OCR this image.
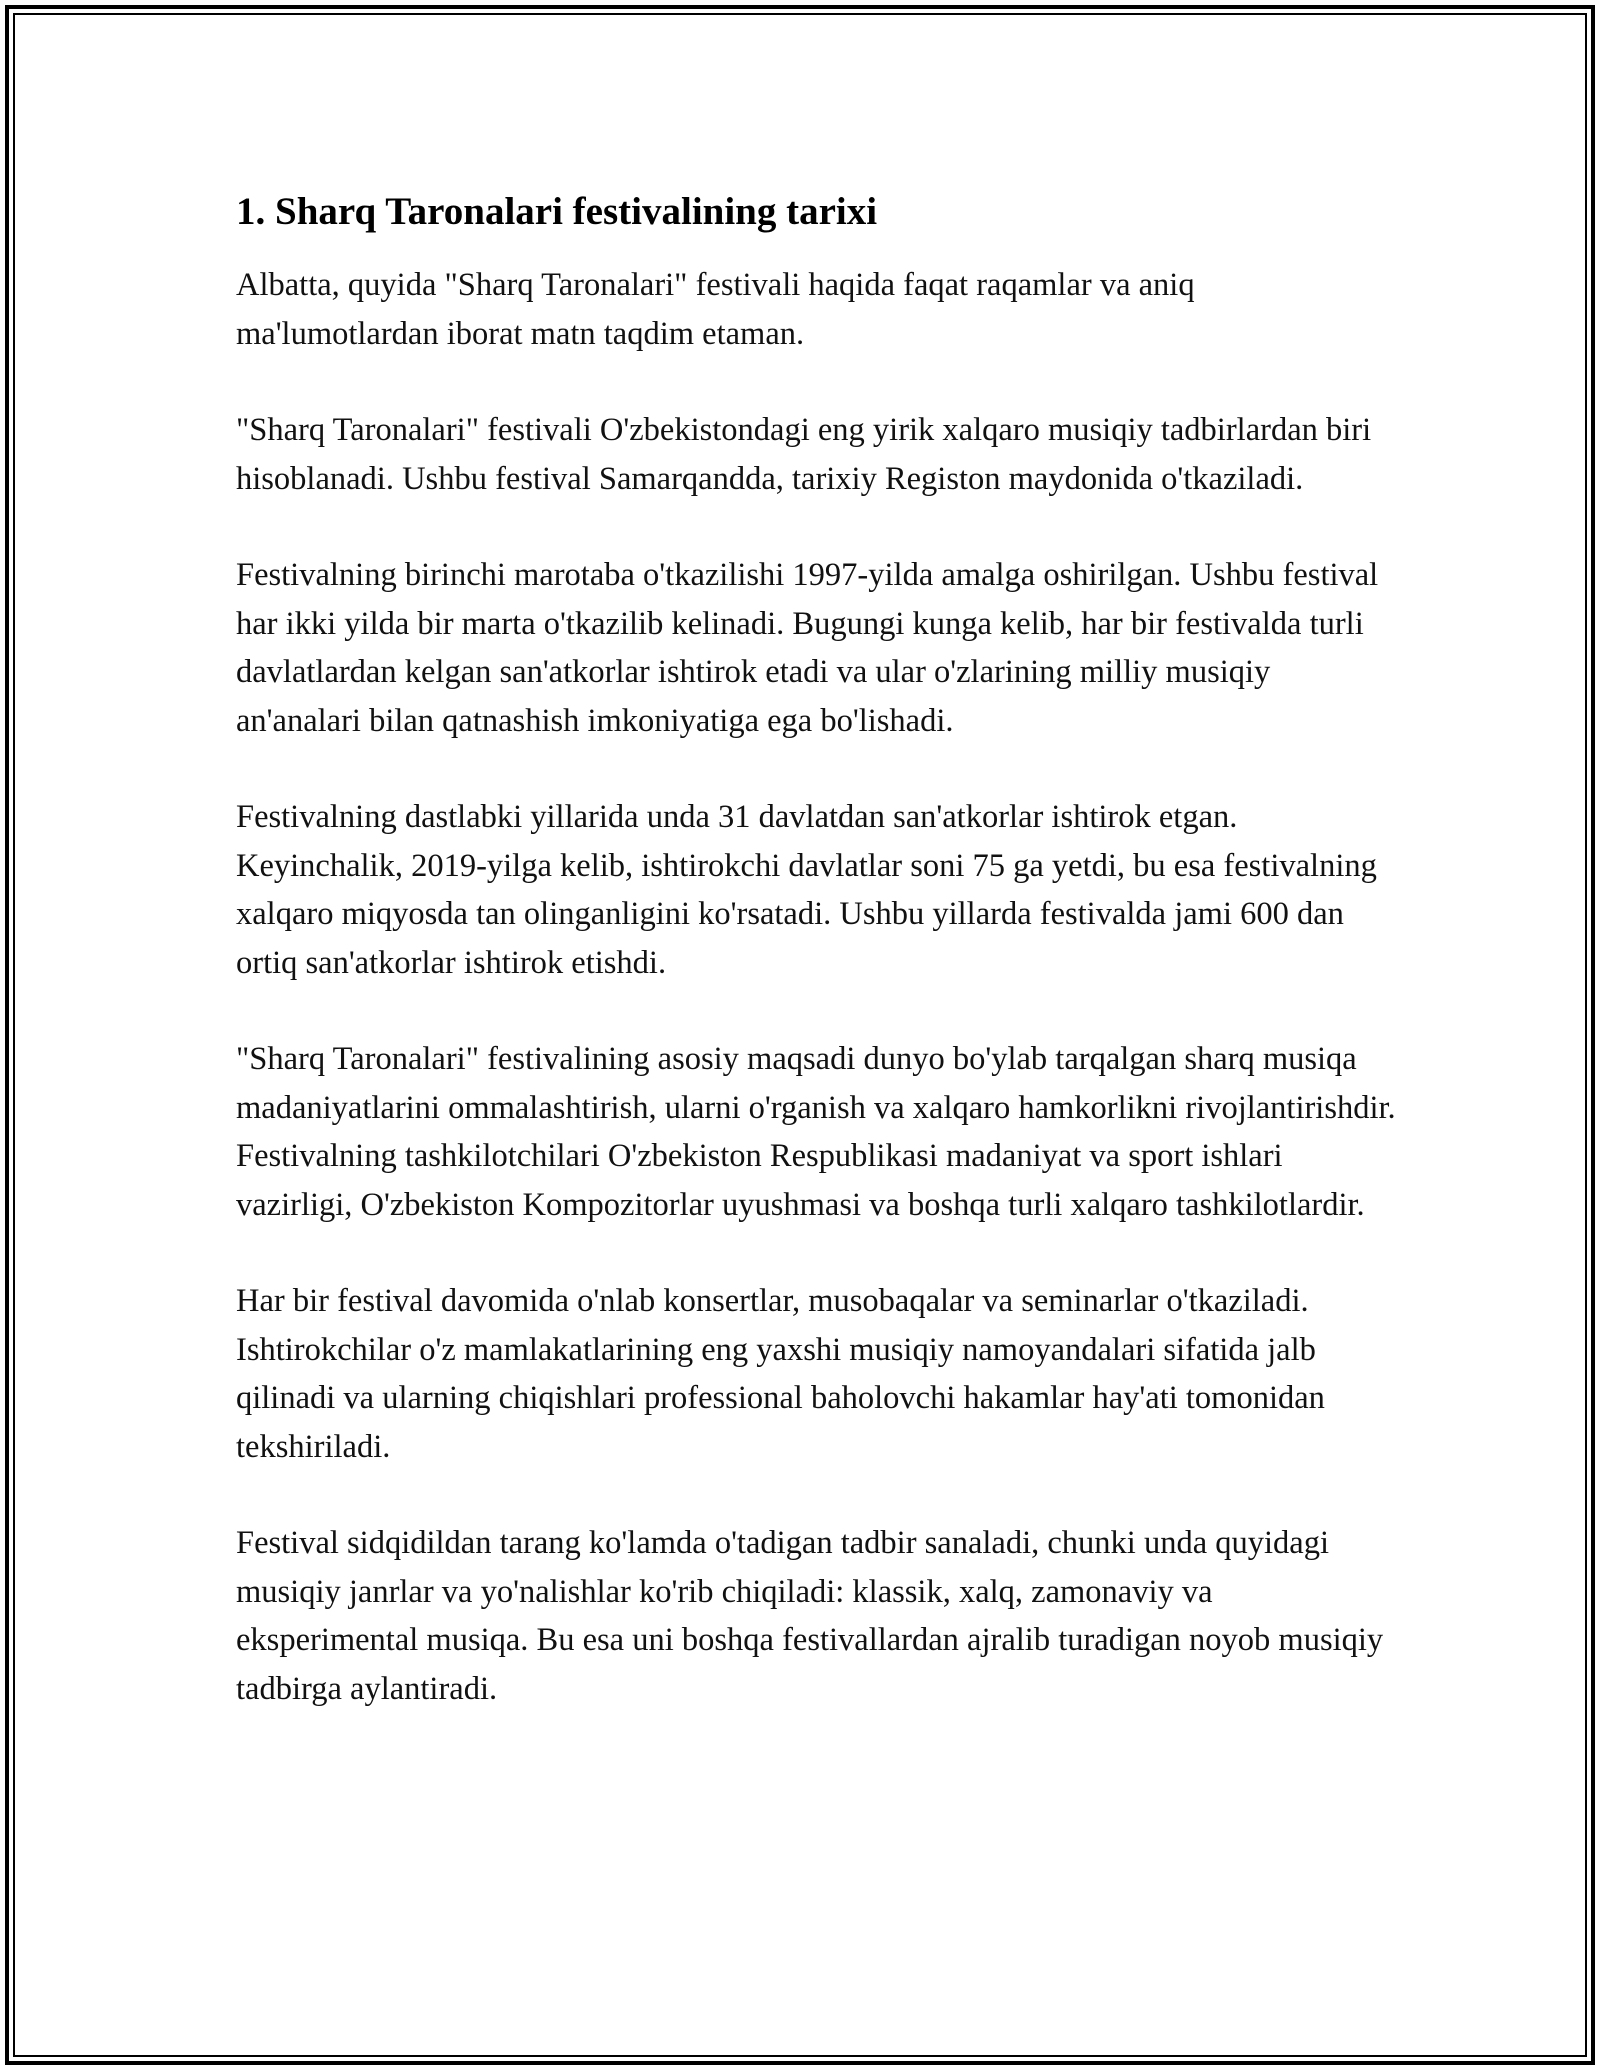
1. Sharq Taronalari festivalining tarixi

Albatta, quyida "Sharq Taronalari" festivali haqida faqat raqamlar va aniq ma'lumotlardan iborat matn taqdim etaman.

"Sharq Taronalari" festivali O'zbekistondagi eng yirik xalqaro musiqiy tadbirlardan biri hisoblanadi. Ushbu festival Samarqandda, tarixiy Registon maydonida o'tkaziladi.

Festivalning birinchi marotaba o'tkazilishi 1997-yilda amalga oshirilgan. Ushbu festival har ikki yilda bir marta o'tkazilib kelinadi. Bugungi kunga kelib, har bir festivalda turli davlatlardan kelgan san'atkorlar ishtirok etadi va ular o'zlarining milliy musiqiy an'analari bilan qatnashish imkoniyatiga ega bo'lishadi.

Festivalning dastlabki yillarida unda 31 davlatdan san'atkorlar ishtirok etgan. Keyinchalik, 2019-yilga kelib, ishtirokchi davlatlar soni 75 ga yetdi, bu esa festivalning xalqaro miqyosda tan olinganligini ko'rsatadi. Ushbu yillarda festivalda jami 600 dan ortiq san'atkorlar ishtirok etishdi.

"Sharq Taronalari" festivalining asosiy maqsadi dunyo bo'ylab tarqalgan sharq musiqa madaniyatlarini ommalashtirish, ularni o'rganish va xalqaro hamkorlikni rivojlantirishdir. Festivalning tashkilotchilari O'zbekiston Respublikasi madaniyat va sport ishlari vazirligi, O'zbekiston Kompozitorlar uyushmasi va boshqa turli xalqaro tashkilotlardir.

Har bir festival davomida o'nlab konsertlar, musobaqalar va seminarlar o'tkaziladi. Ishtirokchilar o'z mamlakatlarining eng yaxshi musiqiy namoyandalari sifatida jalb qilinadi va ularning chiqishlari professional baholovchi hakamlar hay'ati tomonidan tekshiriladi.

Festival sidqidildan tarang ko'lamda o'tadigan tadbir sanaladi, chunki unda quyidagi musiqiy janrlar va yo'nalishlar ko'rib chiqiladi: klassik, xalq, zamonaviy va eksperimental musiqa. Bu esa uni boshqa festivallardan ajralib turadigan noyob musiqiy tadbirga aylantiradi.
